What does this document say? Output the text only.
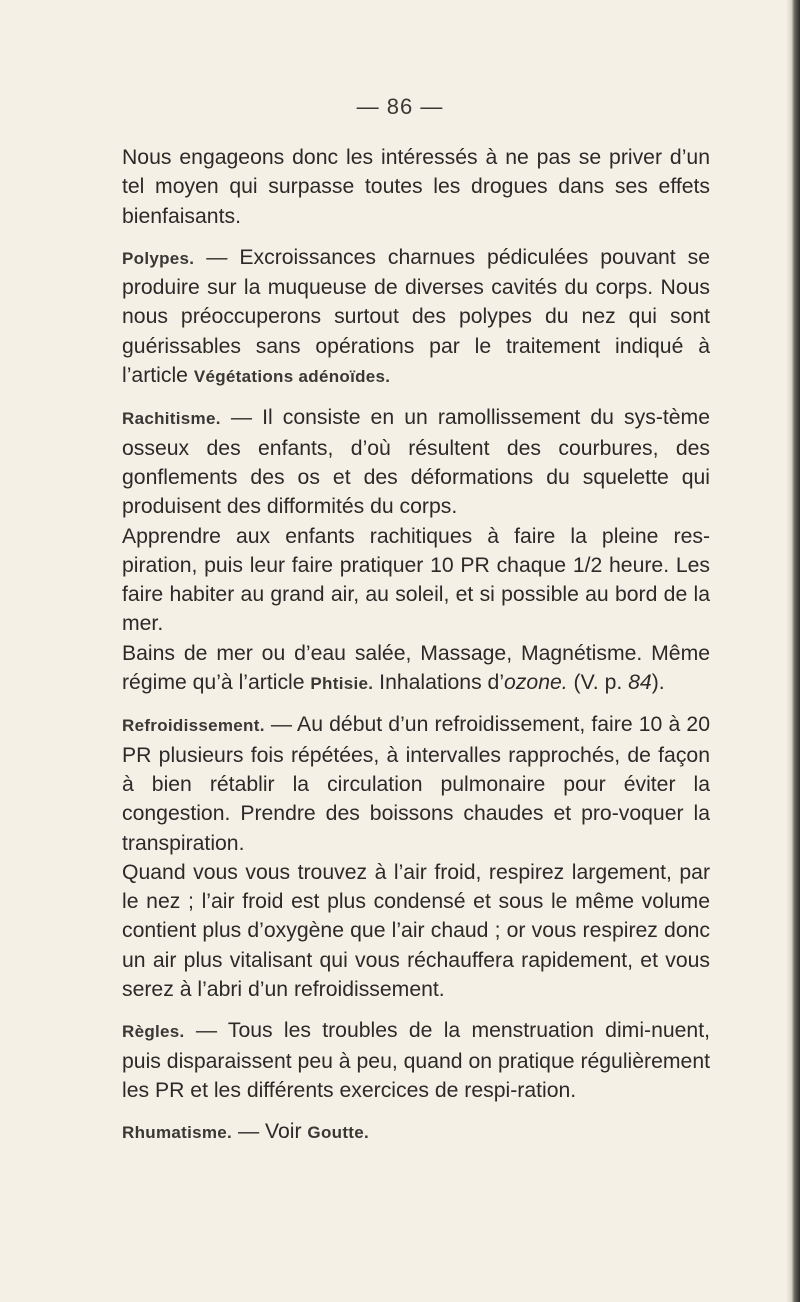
— 86 —

Nous engageons donc les intéressés à ne pas se priver d’un tel moyen qui surpasse toutes les drogues dans ses effets bienfaisants.

Polypes. — Excroissances charnues pédiculées pouvant se produire sur la muqueuse de diverses cavités du corps. Nous nous préoccuperons surtout des polypes du nez qui sont guérissables sans opérations par le traitement indiqué à l’article Végétations adénoïdes.

Rachitisme. — Il consiste en un ramollissement du sys-tème osseux des enfants, d’où résultent des courbures, des gonflements des os et des déformations du squelette qui produisent des difformités du corps.

Apprendre aux enfants rachitiques à faire la pleine res-piration, puis leur faire pratiquer 10 PR chaque 1/2 heure. Les faire habiter au grand air, au soleil, et si possible au bord de la mer.

Bains de mer ou d’eau salée, Massage, Magnétisme. Même régime qu’à l’article Phtisie. Inhalations d’ozone. (V. p. 84).

Refroidissement. — Au début d’un refroidissement, faire 10 à 20 PR plusieurs fois répétées, à intervalles rapprochés, de façon à bien rétablir la circulation pulmonaire pour éviter la congestion. Prendre des boissons chaudes et pro-voquer la transpiration.

Quand vous vous trouvez à l’air froid, respirez largement, par le nez ; l’air froid est plus condensé et sous le même volume contient plus d’oxygène que l’air chaud ; or vous respirez donc un air plus vitalisant qui vous réchauffera rapidement, et vous serez à l’abri d’un refroidissement.

Règles. — Tous les troubles de la menstruation dimi-nuent, puis disparaissent peu à peu, quand on pratique régulièrement les PR et les différents exercices de respi-ration.

Rhumatisme. — Voir Goutte.
